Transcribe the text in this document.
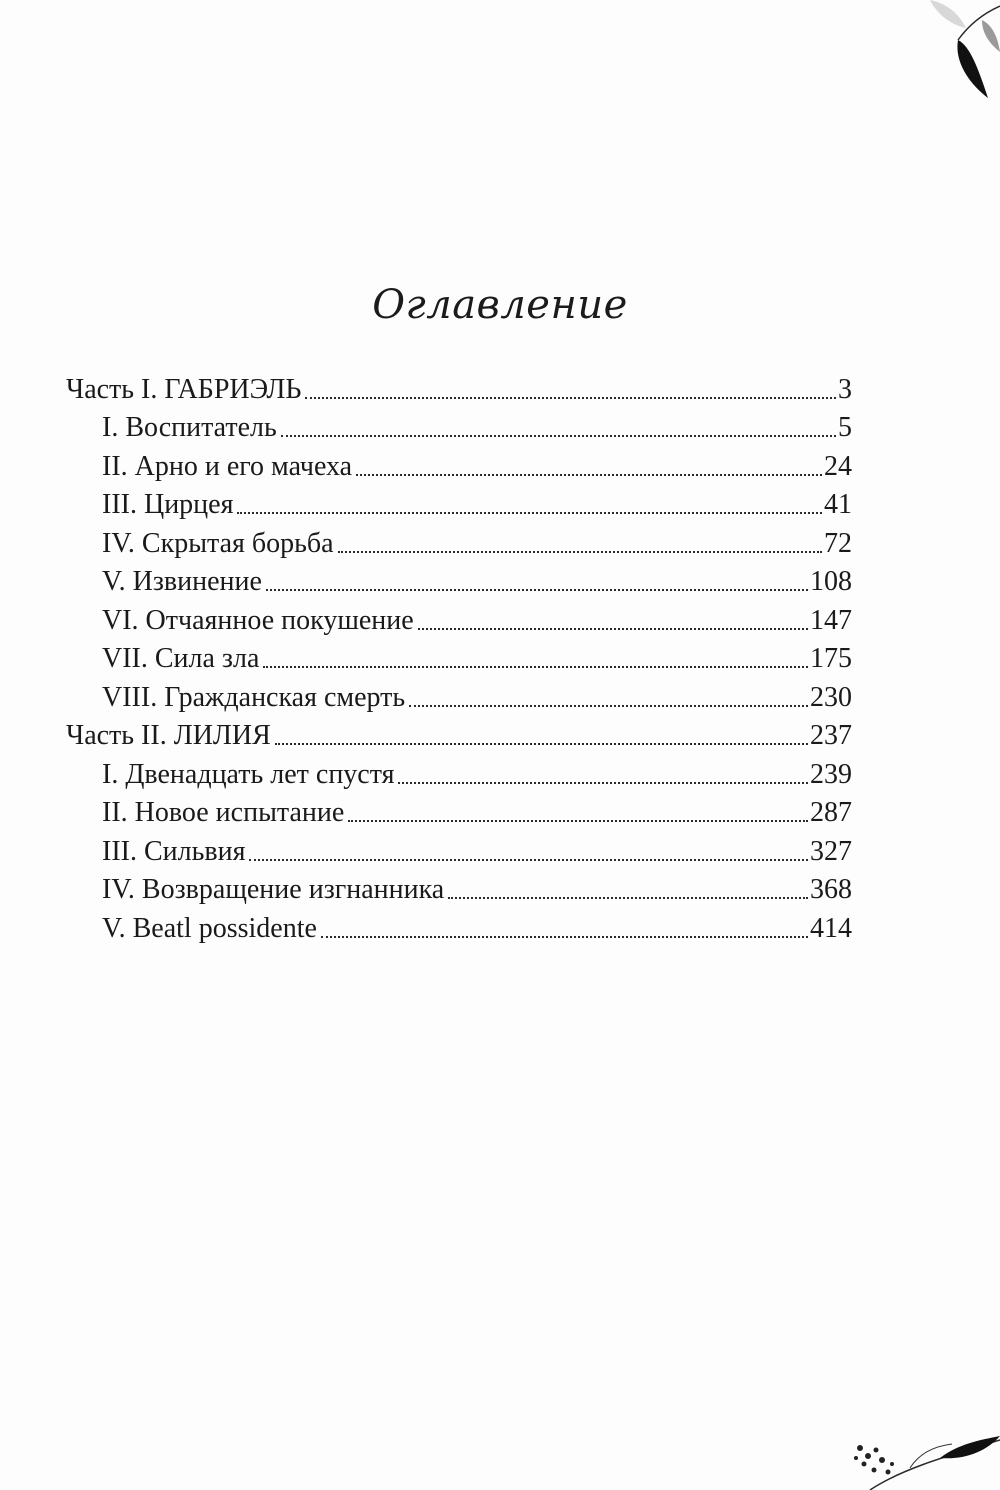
Оглавление
Часть I. ГАБРИЭЛЬ	3
I. Воспитатель	5
II. Арно и его мачеха	24
III. Цирцея	41
IV. Скрытая борьба	72
V. Извинение	108
VI. Отчаянное покушение	147
VII. Сила зла	175
VIII. Гражданская смерть	230
Часть II. ЛИЛИЯ	237
I. Двенадцать лет спустя	239
II. Новое испытание	287
III. Сильвия	327
IV. Возвращение изгнанника	368
V. Beatl possidente	414
